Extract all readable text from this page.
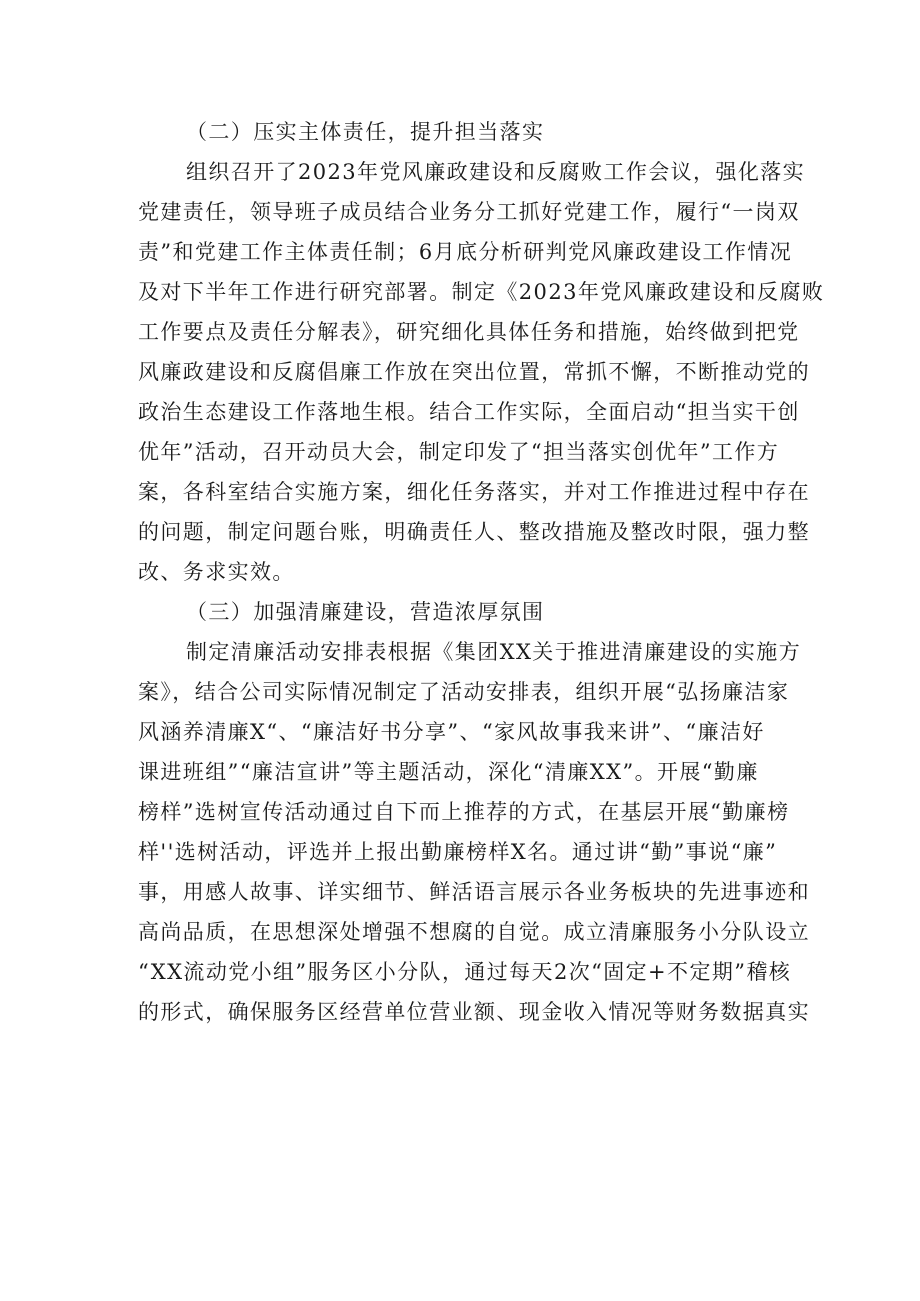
（二）压实主体责任，提升担当落实
组织召开了2023年党风廉政建设和反腐败工作会议，强化落实
党建责任，领导班子成员结合业务分工抓好党建工作，履行“一岗双
责”和党建工作主体责任制；6月底分析研判党风廉政建设工作情况
及对下半年工作进行研究部署。制定《2023年党风廉政建设和反腐败
工作要点及责任分解表》，研究细化具体任务和措施，始终做到把党
风廉政建设和反腐倡廉工作放在突出位置，常抓不懈，不断推动党的
政治生态建设工作落地生根。结合工作实际，全面启动“担当实干创
优年”活动，召开动员大会，制定印发了“担当落实创优年”工作方
案，各科室结合实施方案，细化任务落实，并对工作推进过程中存在
的问题，制定问题台账，明确责任人、整改措施及整改时限，强力整
改、务求实效。
（三）加强清廉建设，营造浓厚氛围
制定清廉活动安排表根据《集团XX关于推进清廉建设的实施方
案》，结合公司实际情况制定了活动安排表，组织开展“弘扬廉洁家
风涵养清廉X“、“廉洁好书分享”、“家风故事我来讲”、“廉洁好
课进班组”“廉洁宣讲”等主题活动，深化“清廉XX”。开展“勤廉
榜样”选树宣传活动通过自下而上推荐的方式，在基层开展“勤廉榜
样''选树活动，评选并上报出勤廉榜样X名。通过讲“勤”事说“廉”
事，用感人故事、详实细节、鲜活语言展示各业务板块的先进事迹和
高尚品质，在思想深处增强不想腐的自觉。成立清廉服务小分队设立
“XX流动党小组”服务区小分队，通过每天2次“固定+不定期”稽核
的形式，确保服务区经营单位营业额、现金收入情况等财务数据真实
